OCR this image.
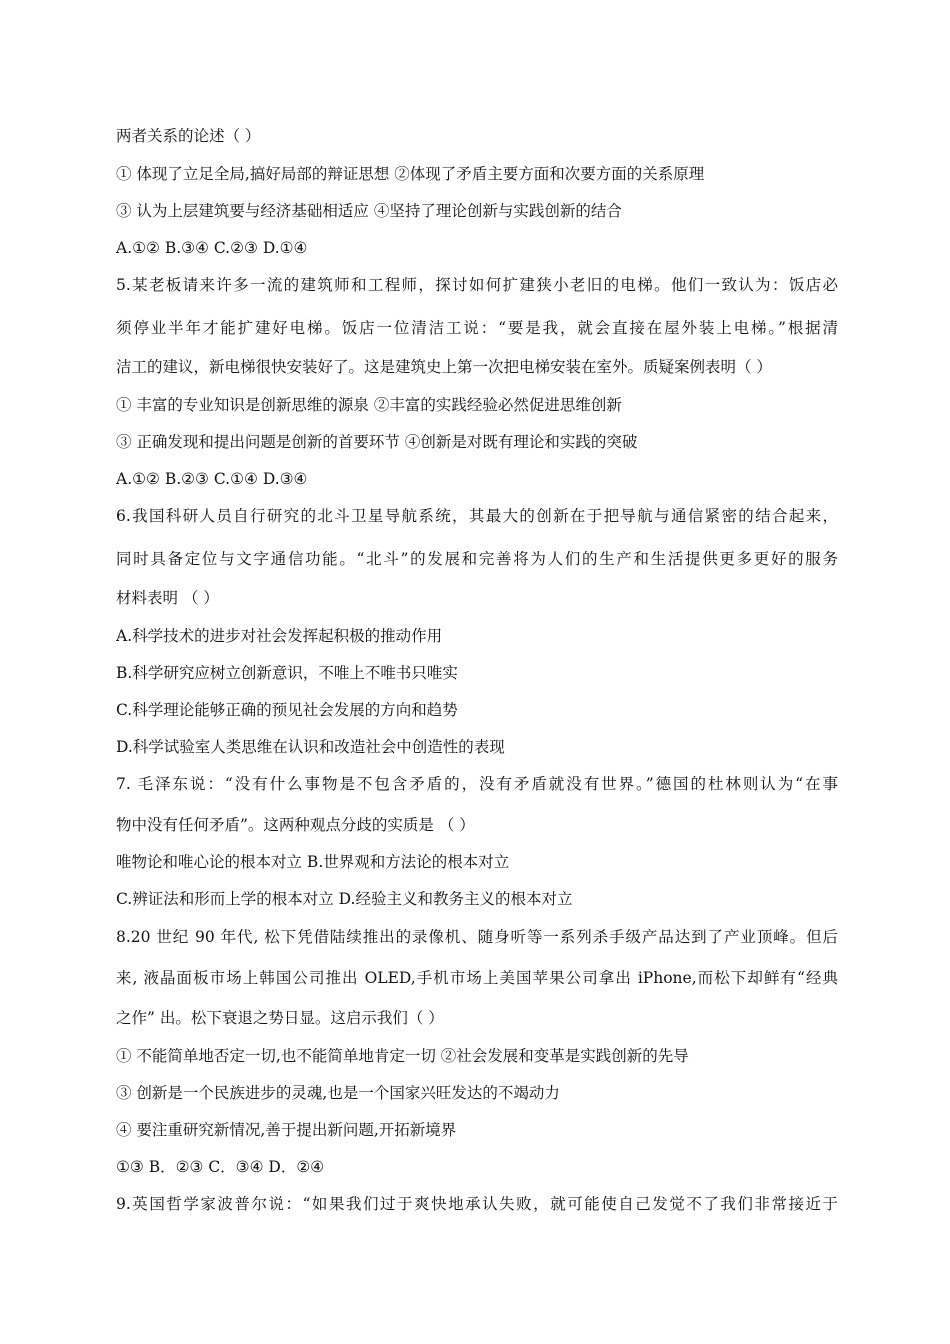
两者关系的论述（ ）
① 体现了立足全局,搞好局部的辩证思想 ②体现了矛盾主要方面和次要方面的关系原理
③ 认为上层建筑要与经济基础相适应 ④坚持了理论创新与实践创新的结合
A.①② B.③④ C.②③ D.①④
5.某老板请来许多一流的建筑师和工程师，探讨如何扩建狭小老旧的电梯。他们一致认为：饭店必
须停业半年才能扩建好电梯。饭店一位清洁工说：“要是我，就会直接在屋外装上电梯。”根据清
洁工的建议，新电梯很快安装好了。这是建筑史上第一次把电梯安装在室外。质疑案例表明（ ）
① 丰富的专业知识是创新思维的源泉 ②丰富的实践经验必然促进思维创新
③ 正确发现和提出问题是创新的首要环节 ④创新是对既有理论和实践的突破
A.①② B.②③ C.①④ D.③④
6.我国科研人员自行研究的北斗卫星导航系统，其最大的创新在于把导航与通信紧密的结合起来，
同时具备定位与文字通信功能。“北斗”的发展和完善将为人们的生产和生活提供更多更好的服务
材料表明 （ ）
A.科学技术的进步对社会发挥起积极的推动作用
B.科学研究应树立创新意识，不唯上不唯书只唯实
C.科学理论能够正确的预见社会发展的方向和趋势
D.科学试验室人类思维在认识和改造社会中创造性的表现
7. 毛泽东说：“没有什么事物是不包含矛盾的，没有矛盾就没有世界。”德国的杜林则认为“在事
物中没有任何矛盾”。这两种观点分歧的实质是 （ ）
唯物论和唯心论的根本对立 B.世界观和方法论的根本对立
C.辨证法和形而上学的根本对立 D.经验主义和教务主义的根本对立
8.20 世纪 90 年代, 松下凭借陆续推出的录像机、随身听等一系列杀手级产品达到了产业顶峰。但后
来, 液晶面板市场上韩国公司推出 OLED,手机市场上美国苹果公司拿出 iPhone,而松下却鲜有“经典
之作” 出。松下衰退之势日显。这启示我们（ ）
① 不能简单地否定一切,也不能简单地肯定一切 ②社会发展和变革是实践创新的先导
③ 创新是一个民族进步的灵魂,也是一个国家兴旺发达的不竭动力
④ 要注重研究新情况,善于提出新问题,开拓新境界
①③ B．②③ C．③④ D．②④
9.英国哲学家波普尔说：“如果我们过于爽快地承认失败，就可能使自己发觉不了我们非常接近于
